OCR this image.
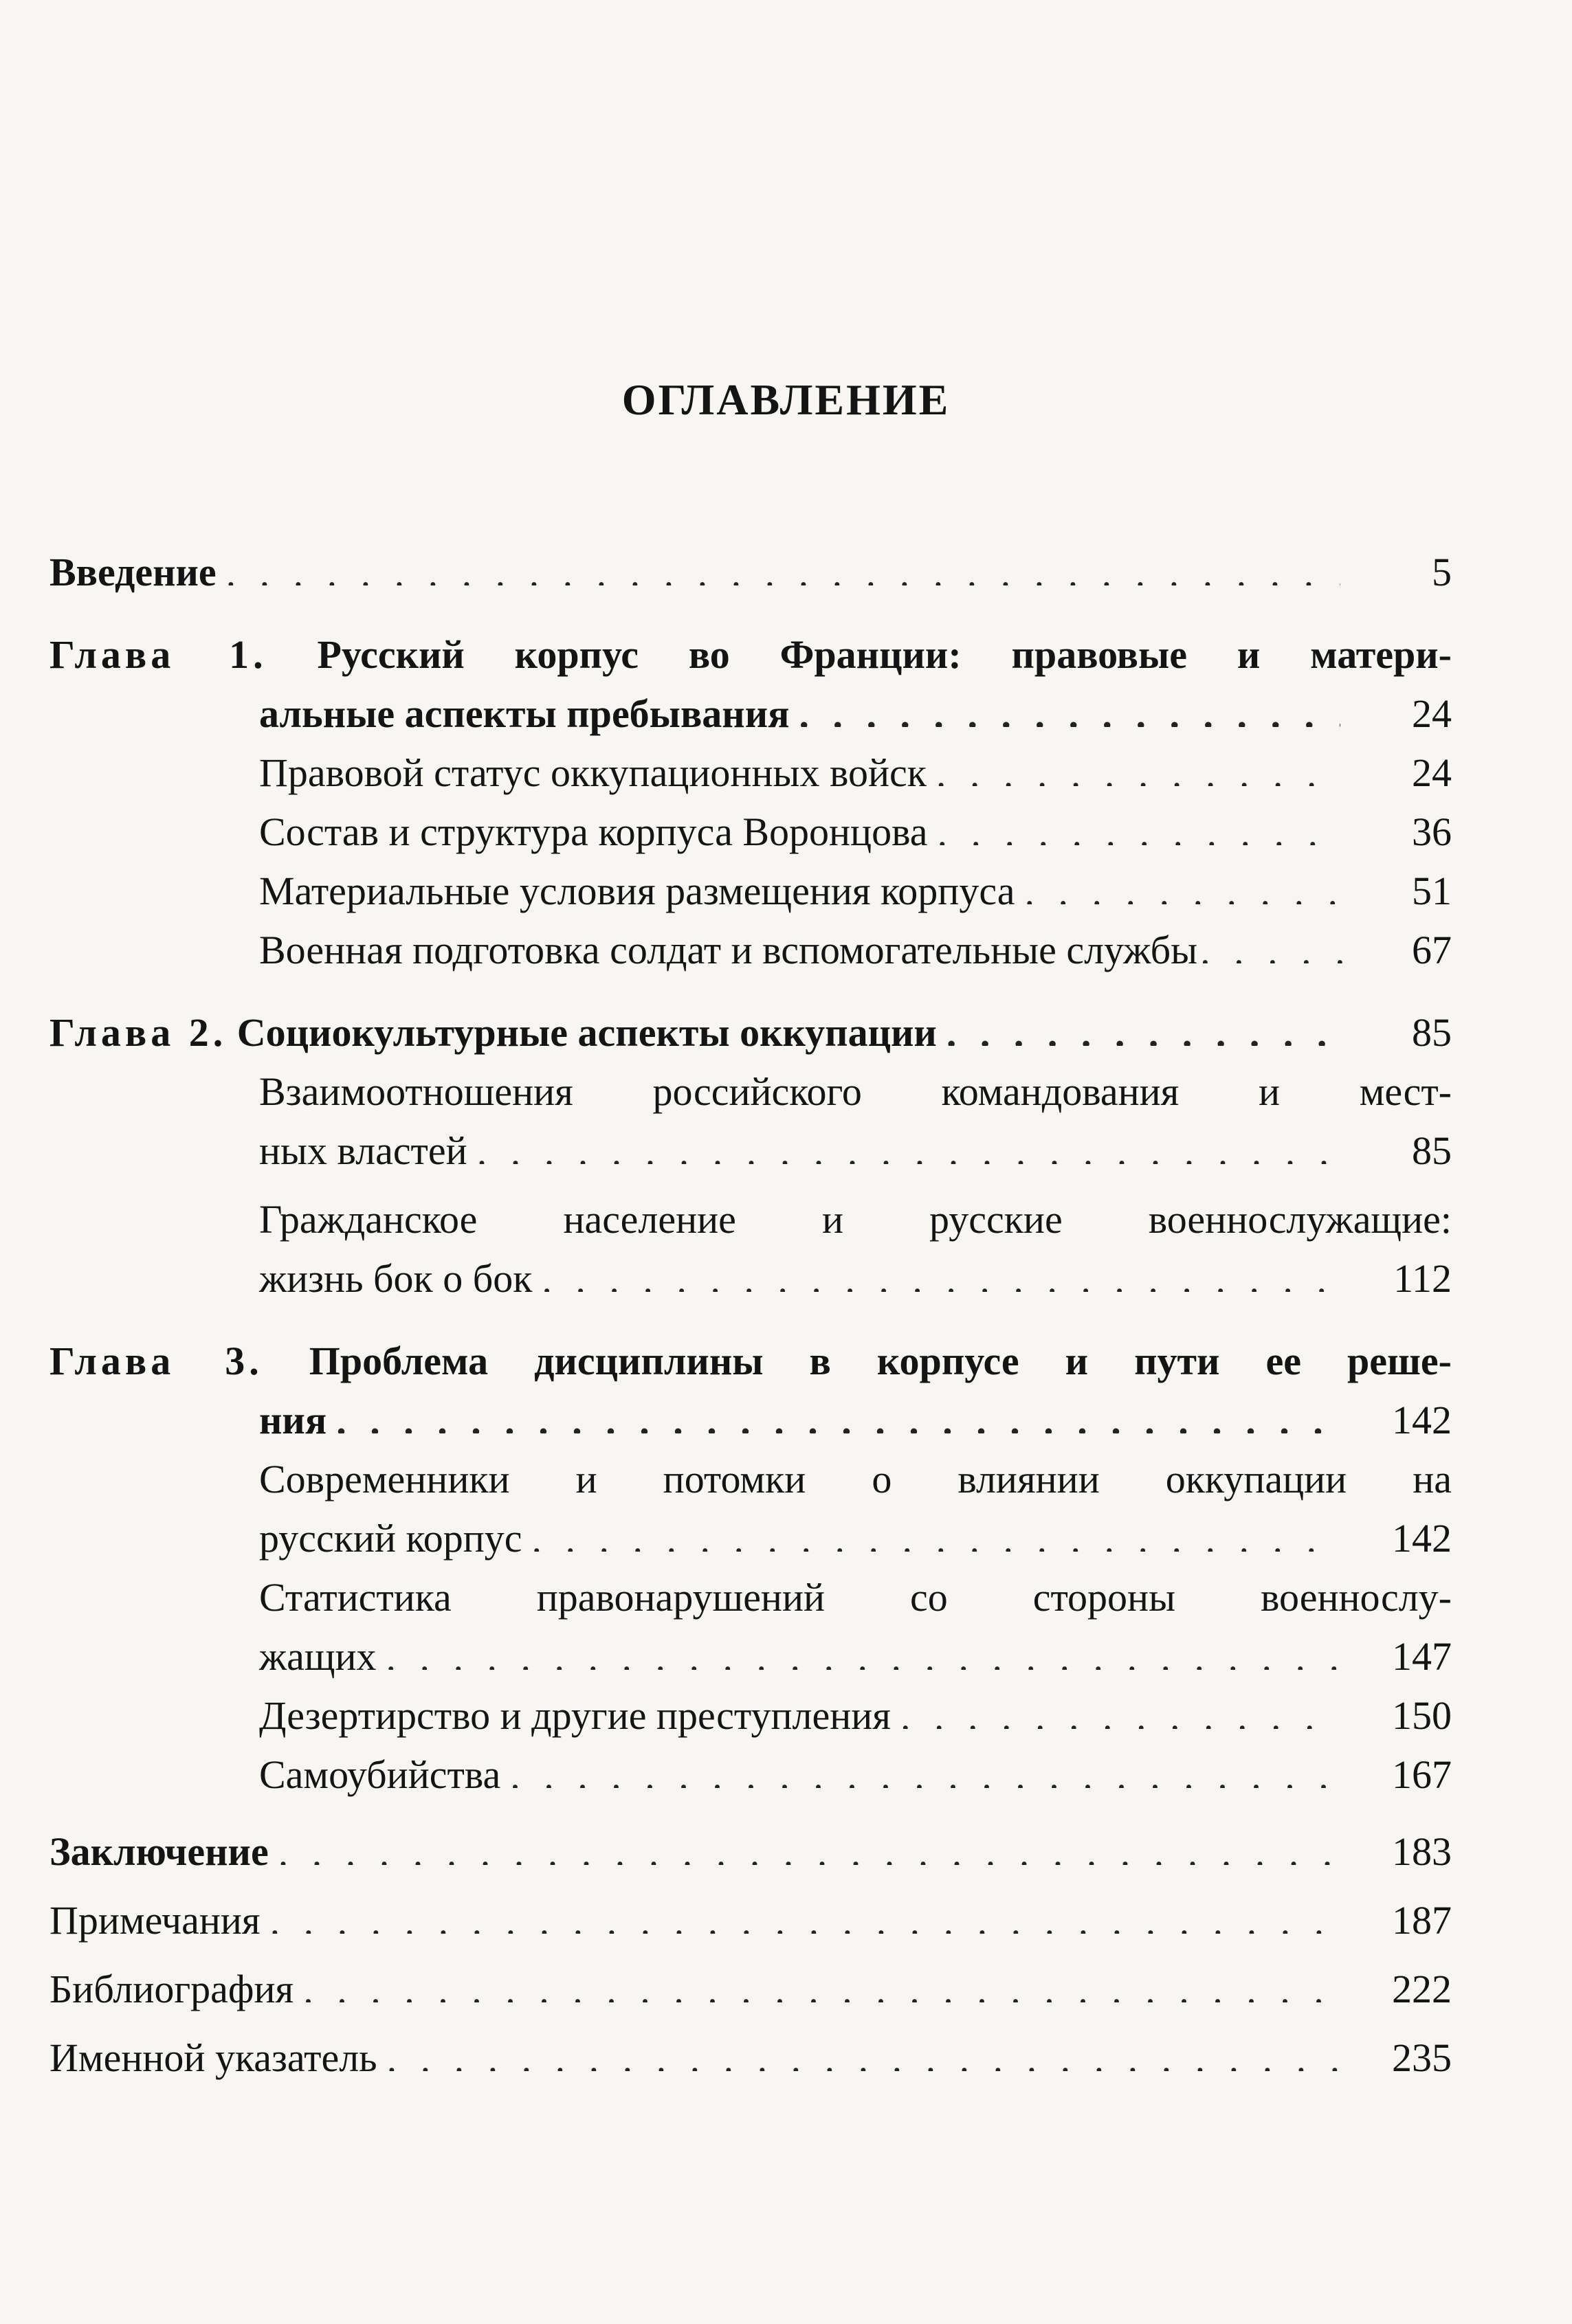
ОГЛАВЛЕНИЕ
Введение . . .	5
Глава 1. Русский корпус во Франции: правовые и матери-
альные аспекты пребывания . . .	24
Правовой статус оккупационных войск . . .	24
Состав и структура корпуса Воронцова . . .	36
Материальные условия размещения корпуса . . .	51
Военная подготовка солдат и вспомогательные службы . . .	67
Глава 2. Социокультурные аспекты оккупации . . .	85
Взаимоотношения российского командования и мест-
ных властей . . .	85
Гражданское население и русские военнослужащие:
жизнь бок о бок . . .	112
Глава 3. Проблема дисциплины в корпусе и пути ее реше-
ния . . .	142
Современники и потомки о влиянии оккупации на
русский корпус . . .	142
Статистика правонарушений со стороны военнослу-
жащих . . .	147
Дезертирство и другие преступления . . .	150
Самоубийства . . .	167
Заключение . . .	183
Примечания . . .	187
Библиография . . .	222
Именной указатель . . .	235
